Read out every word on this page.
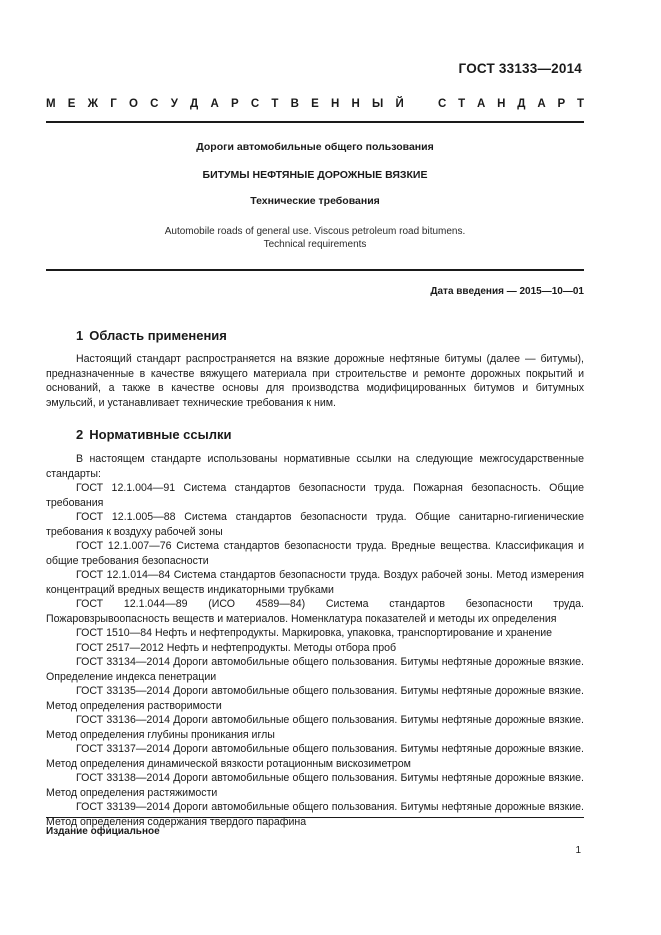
ГОСТ 33133—2014
М Е Ж Г О С У Д А Р С Т В Е Н Н Ы Й	С Т А Н Д А Р Т
Дороги автомобильные общего пользования
БИТУМЫ НЕФТЯНЫЕ ДОРОЖНЫЕ ВЯЗКИЕ
Технические требования
Automobile roads of general use. Viscous petroleum road bitumens.
Technical requirements
Дата введения — 2015—10—01
1 Область применения

Настоящий стандарт распространяется на вязкие дорожные нефтяные битумы (далее — битумы), предназначенные в качестве вяжущего материала при строительстве и ремонте дорожных покрытий и оснований, а также в качестве основы для производства модифицированных битумов и битумных эмульсий, и устанавливает технические требования к ним.

2 Нормативные ссылки

В настоящем стандарте использованы нормативные ссылки на следующие межгосударственные стандарты:

ГОСТ 12.1.004—91 Система стандартов безопасности труда. Пожарная безопасность. Общие требования

ГОСТ 12.1.005—88 Система стандартов безопасности труда. Общие санитарно-гигиенические требования к воздуху рабочей зоны

ГОСТ 12.1.007—76 Система стандартов безопасности труда. Вредные вещества. Классификация и общие требования безопасности

ГОСТ 12.1.014—84 Система стандартов безопасности труда. Воздух рабочей зоны. Метод измерения концентраций вредных веществ индикаторными трубками

ГОСТ 12.1.044—89 (ИСО 4589—84) Система стандартов безопасности труда. Пожаровзрывоопасность веществ и материалов. Номенклатура показателей и методы их определения

ГОСТ 1510—84 Нефть и нефтепродукты. Маркировка, упаковка, транспортирование и хранение

ГОСТ 2517—2012 Нефть и нефтепродукты. Методы отбора проб

ГОСТ 33134—2014 Дороги автомобильные общего пользования. Битумы нефтяные дорожные вязкие. Определение индекса пенетрации

ГОСТ 33135—2014 Дороги автомобильные общего пользования. Битумы нефтяные дорожные вязкие. Метод определения растворимости

ГОСТ 33136—2014 Дороги автомобильные общего пользования. Битумы нефтяные дорожные вязкие. Метод определения глубины проникания иглы

ГОСТ 33137—2014 Дороги автомобильные общего пользования. Битумы нефтяные дорожные вязкие. Метод определения динамической вязкости ротационным вискозиметром

ГОСТ 33138—2014 Дороги автомобильные общего пользования. Битумы нефтяные дорожные вязкие. Метод определения растяжимости

ГОСТ 33139—2014 Дороги автомобильные общего пользования. Битумы нефтяные дорожные вязкие. Метод определения содержания твердого парафина

Издание официальное
1
